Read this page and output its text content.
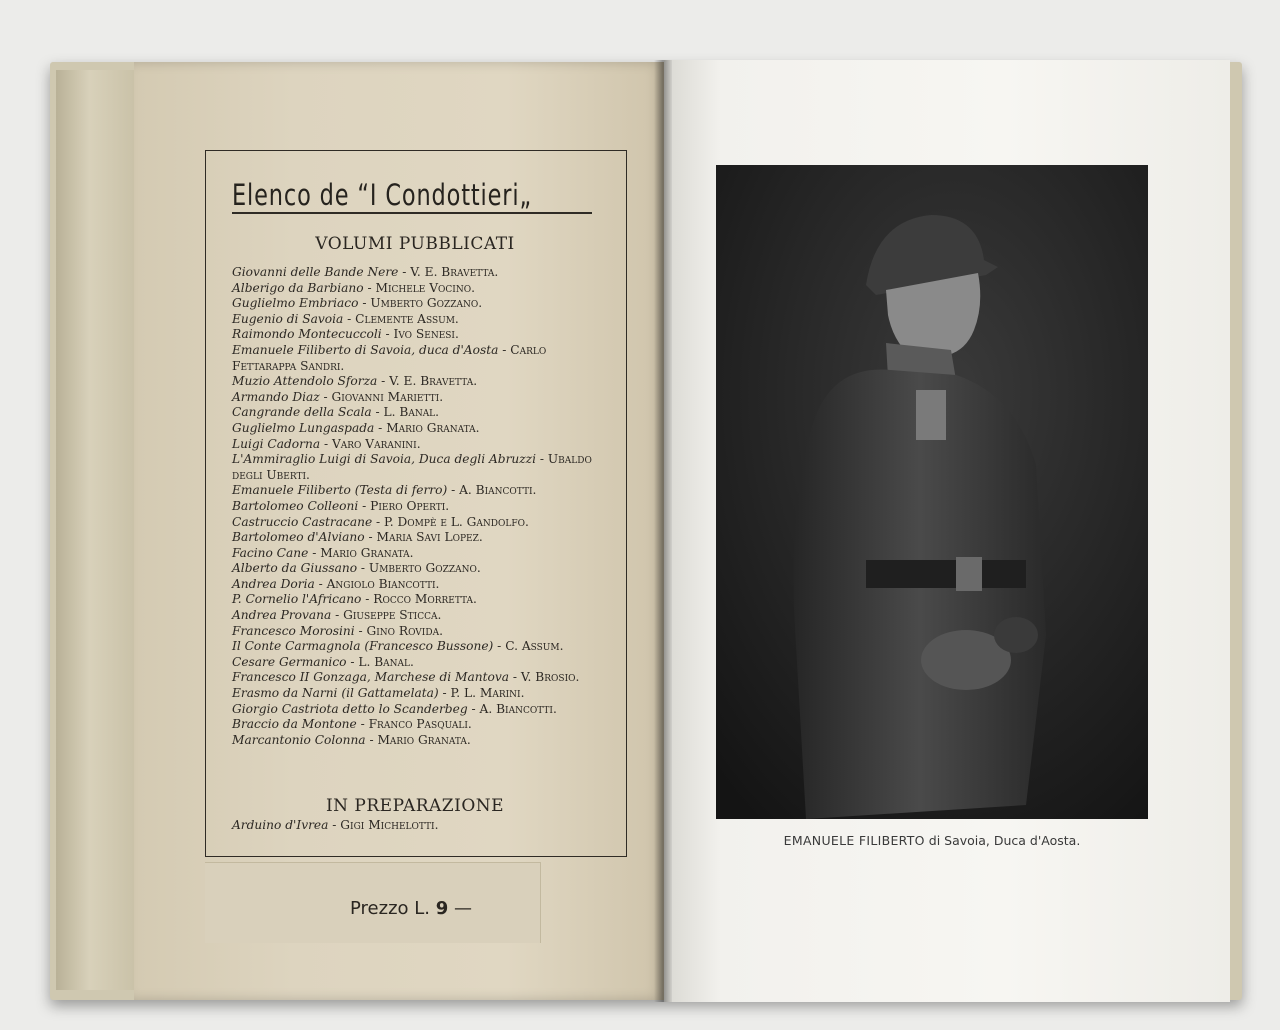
Elenco de “I Condottieri„
VOLUMI PUBBLICATI
Giovanni delle Bande Nere - V. E. Bravetta.
Alberigo da Barbiano - Michele Vocino.
Guglielmo Embriaco - Umberto Gozzano.
Eugenio di Savoia - Clemente Assum.
Raimondo Montecuccoli - Ivo Senesi.
Emanuele Filiberto di Savoia, duca d'Aosta - Carlo Fettarappa Sandri.
Muzio Attendolo Sforza - V. E. Bravetta.
Armando Diaz - Giovanni Marietti.
Cangrande della Scala - L. Banal.
Guglielmo Lungaspada - Mario Granata.
Luigi Cadorna - Varo Varanini.
L'Ammiraglio Luigi di Savoia, Duca degli Abruzzi - Ubaldo degli Uberti.
Emanuele Filiberto (Testa di ferro) - A. Biancotti.
Bartolomeo Colleoni - Piero Operti.
Castruccio Castracane - P. Dompè e L. Gandolfo.
Bartolomeo d'Alviano - Maria Savi Lopez.
Facino Cane - Mario Granata.
Alberto da Giussano - Umberto Gozzano.
Andrea Doria - Angiolo Biancotti.
P. Cornelio l'Africano - Rocco Morretta.
Andrea Provana - Giuseppe Sticca.
Francesco Morosini - Gino Rovida.
Il Conte Carmagnola (Francesco Bussone) - C. Assum.
Cesare Germanico - L. Banal.
Francesco II Gonzaga, Marchese di Mantova - V. Brosio.
Erasmo da Narni (il Gattamelata) - P. L. Marini.
Giorgio Castriota detto lo Scanderbeg - A. Biancotti.
Braccio da Montone - Franco Pasquali.
Marcantonio Colonna - Mario Granata.
IN PREPARAZIONE
Arduino d'Ivrea - Gigi Michelotti.
Prezzo L. 9 —
EMANUELE FILIBERTO di Savoia, Duca d'Aosta.
